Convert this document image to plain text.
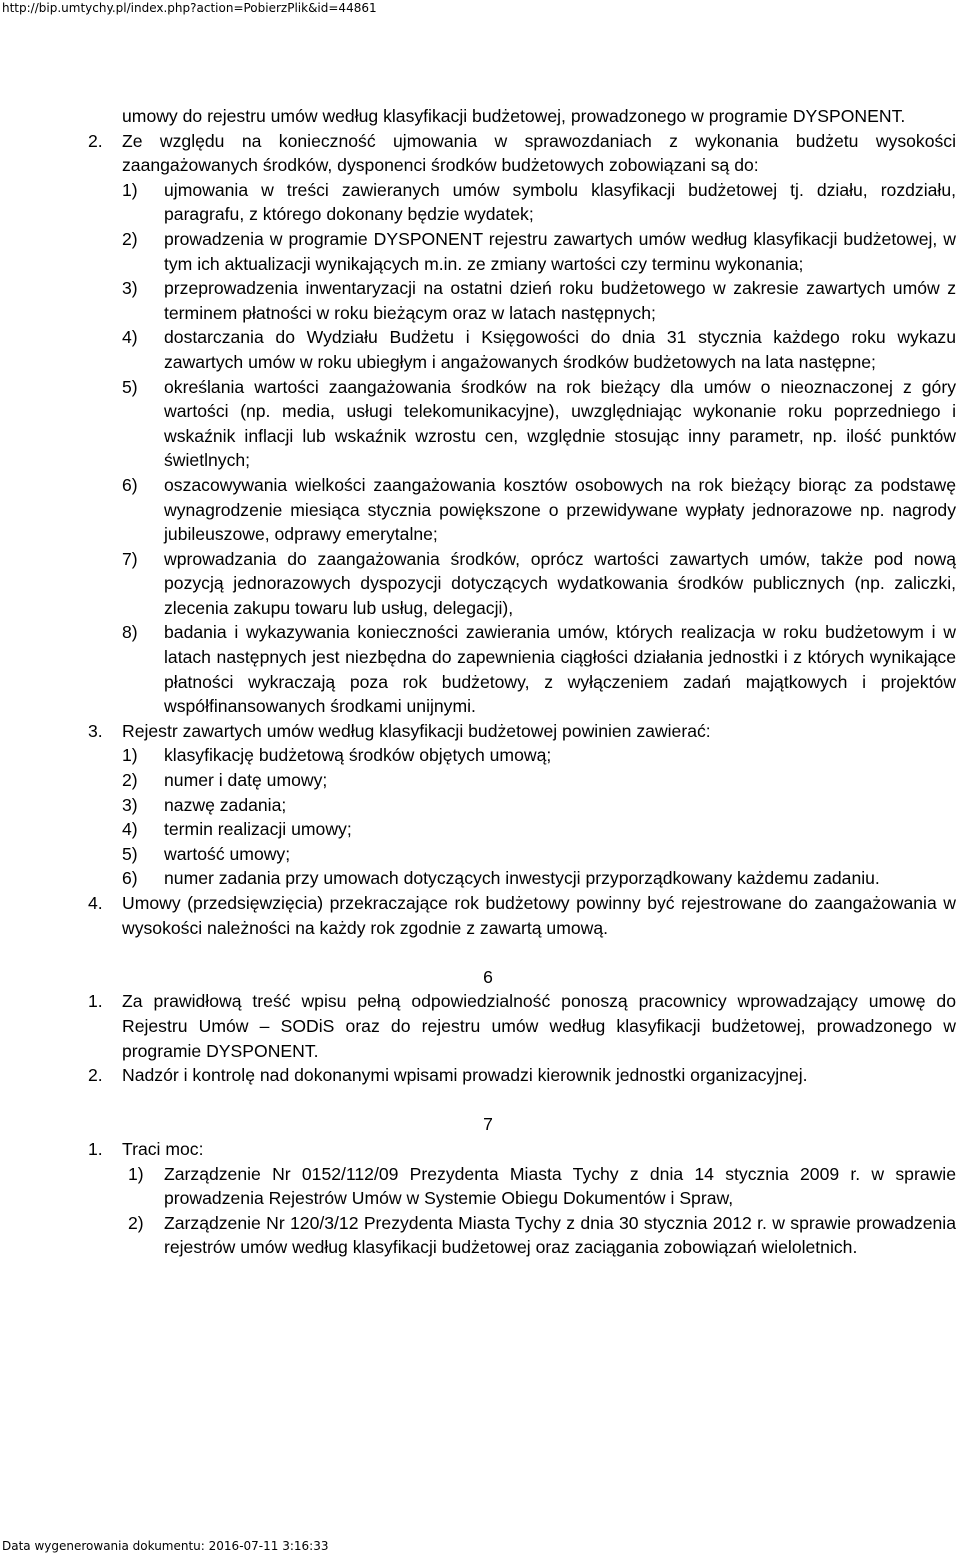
http://bip.umtychy.pl/index.php?action=PobierzPlik&id=44861
umowy do rejestru umów według klasyfikacji budżetowej, prowadzonego w programie DYSPONENT.
2. Ze względu na konieczność ujmowania w sprawozdaniach z wykonania budżetu wysokości zaangażowanych środków, dysponenci środków budżetowych zobowiązani są do:
1) ujmowania w treści zawieranych umów symbolu klasyfikacji budżetowej tj. działu, rozdziału, paragrafu, z którego dokonany będzie wydatek;
2) prowadzenia w programie DYSPONENT rejestru zawartych umów według klasyfikacji budżetowej, w tym ich aktualizacji wynikających m.in. ze zmiany wartości czy terminu wykonania;
3) przeprowadzenia inwentaryzacji na ostatni dzień roku budżetowego w zakresie zawartych umów z terminem płatności w roku bieżącym oraz w latach następnych;
4) dostarczania do Wydziału Budżetu i Księgowości do dnia 31 stycznia każdego roku wykazu zawartych umów w roku ubiegłym i angażowanych środków budżetowych na lata następne;
5) określania wartości zaangażowania środków na rok bieżący dla umów o nieoznaczonej z góry wartości (np. media, usługi telekomunikacyjne), uwzględniając wykonanie roku poprzedniego i wskaźnik inflacji lub wskaźnik wzrostu cen, względnie stosując inny parametr, np. ilość punktów świetlnych;
6) oszacowywania wielkości zaangażowania kosztów osobowych na rok bieżący biorąc za podstawę wynagrodzenie miesiąca stycznia powiększone o przewidywane wypłaty jednorazowe np. nagrody jubileuszowe, odprawy emerytalne;
7) wprowadzania do zaangażowania środków, oprócz wartości zawartych umów, także pod nową pozycją jednorazowych dyspozycji dotyczących wydatkowania środków publicznych (np. zaliczki, zlecenia zakupu towaru lub usług, delegacji),
8) badania i wykazywania konieczności zawierania umów, których realizacja w roku budżetowym i w latach następnych jest niezbędna do zapewnienia ciągłości działania jednostki i z których wynikające płatności wykraczają poza rok budżetowy, z wyłączeniem zadań majątkowych i projektów współfinansowanych środkami unijnymi.
3. Rejestr zawartych umów według klasyfikacji budżetowej powinien zawierać:
1) klasyfikację budżetową środków objętych umową;
2) numer i datę umowy;
3) nazwę zadania;
4) termin realizacji umowy;
5) wartość umowy;
6) numer zadania przy umowach dotyczących inwestycji przyporządkowany każdemu zadaniu.
4. Umowy (przedsięwzięcia) przekraczające rok budżetowy powinny być rejestrowane do zaangażowania w wysokości należności na każdy rok zgodnie z zawartą umową.
6
1. Za prawidłową treść wpisu pełną odpowiedzialność ponoszą pracownicy wprowadzający umowę do Rejestru Umów – SODiS oraz do rejestru umów według klasyfikacji budżetowej, prowadzonego w programie DYSPONENT.
2. Nadzór i kontrolę nad dokonanymi wpisami prowadzi kierownik jednostki organizacyjnej.
7
1. Traci moc:
1) Zarządzenie Nr 0152/112/09 Prezydenta Miasta Tychy z dnia 14 stycznia 2009 r. w sprawie prowadzenia Rejestrów Umów w Systemie Obiegu Dokumentów i Spraw,
2) Zarządzenie Nr 120/3/12 Prezydenta Miasta Tychy z dnia 30 stycznia 2012 r. w sprawie prowadzenia rejestrów umów według klasyfikacji budżetowej oraz zaciągania zobowiązań wieloletnich.
Data wygenerowania dokumentu: 2016-07-11 3:16:33
